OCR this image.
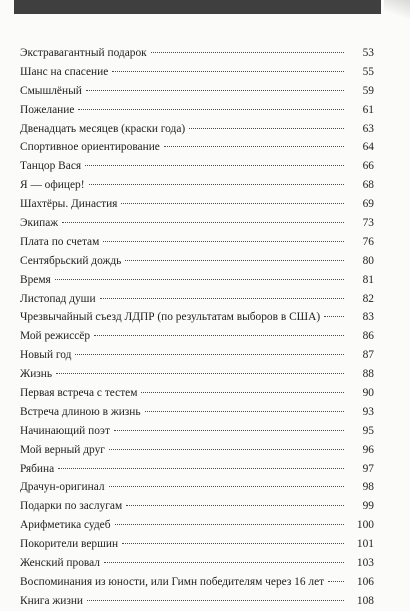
Экстравагантный подарок	53
Шанс на спасение	55
Смышлёный	59
Пожелание	61
Двенадцать месяцев (краски года)	63
Спортивное ориентирование	64
Танцор Вася	66
Я — офицер!	68
Шахтёры. Династия	69
Экипаж	73
Плата по счетам	76
Сентябрьский дождь	80
Время	81
Листопад души	82
Чрезвычайный съезд ЛДПР (по результатам выборов в США)	83
Мой режиссёр	86
Новый год	87
Жизнь	88
Первая встреча с тестем	90
Встреча длиною в жизнь	93
Начинающий поэт	95
Мой верный друг	96
Рябина	97
Драчун-оригинал	98
Подарки по заслугам	99
Арифметика судеб	100
Покорители вершин	101
Женский провал	103
Воспоминания из юности, или Гимн победителям через 16 лет	106
Книга жизни	108
